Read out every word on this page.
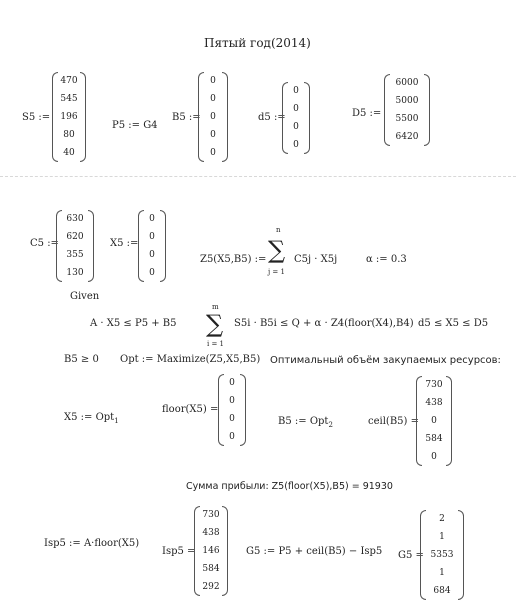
Пятый год(2014)
S5 :=
470
545
196
80
40
P5 := G4
B5 :=
0
0
0
0
0
d5 :=
0
0
0
0
D5 :=
6000
5000
5500
6420
C5 :=
630
620
355
130
X5 :=
0
0
0
0
Z5(X5,B5) :=
n
∑
j = 1
C5j · X5j	α := 0.3
Given
A · X5 ≤ P5 + B5
m
∑
i = 1
S5i · B5i ≤ Q + α · Z4(floor(X4),B4) d5 ≤ X5 ≤ D5
B5 ≥ 0 Opt := Maximize(Z5,X5,B5) Оптимальный объём закупаемых ресурсов:
X5 := Opt$_1$
floor(X5) =
0
0
0
0
B5 := Opt$_2$	ceil(B5) =
730
438
0
584
0
Сумма прибыли: Z5(floor(X5),B5) = 91930
Isp5 := A·floor(X5)
Isp5 =
730
438
146
584
292
G5 := P5 + ceil(B5) − Isp5 G5 =
2
1
5353
1
684
